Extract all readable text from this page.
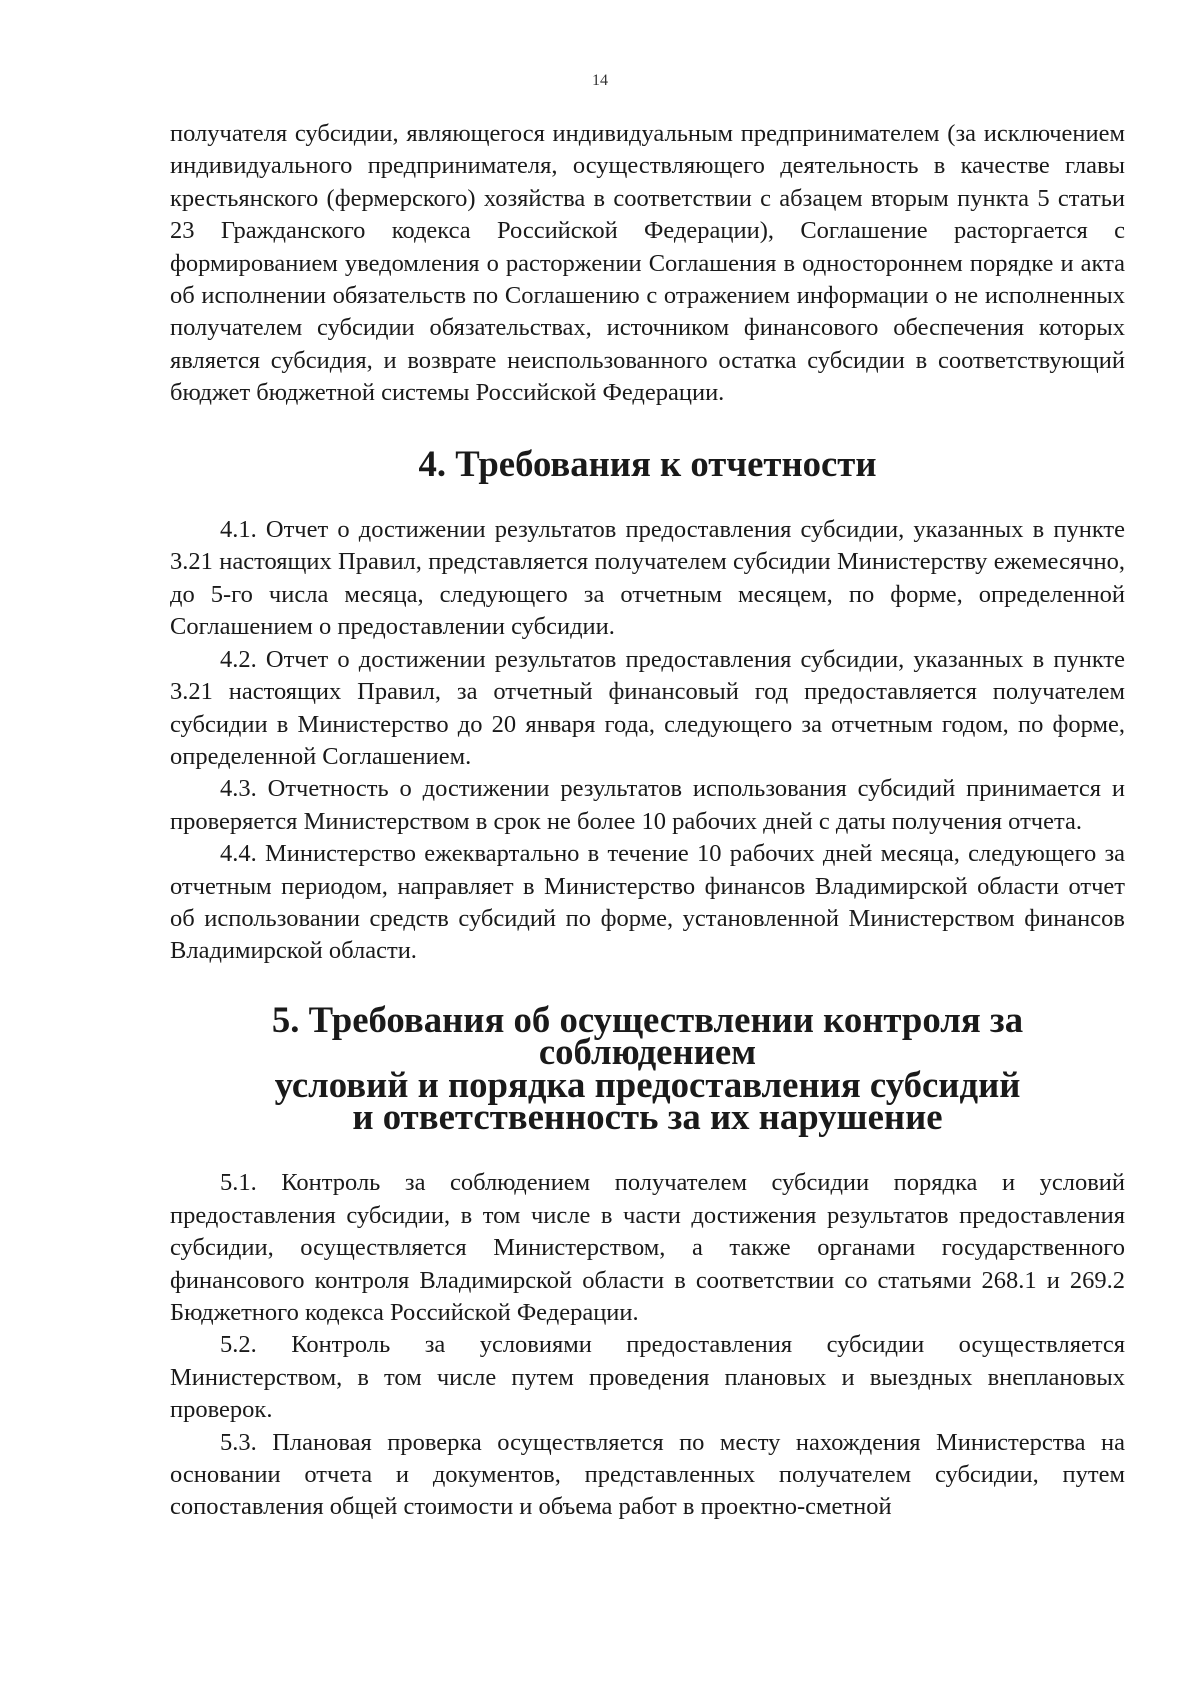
14

получателя субсидии, являющегося индивидуальным предпринимателем (за исключением индивидуального предпринимателя, осуществляющего деятельность в качестве главы крестьянского (фермерского) хозяйства в соответствии с абзацем вторым пункта 5 статьи 23 Гражданского кодекса Российской Федерации), Соглашение расторгается с формированием уведомления о расторжении Соглашения в одностороннем порядке и акта об исполнении обязательств по Соглашению с отражением информации о не исполненных получателем субсидии обязательствах, источником финансового обеспечения которых является субсидия, и возврате неиспользованного остатка субсидии в соответствующий бюджет бюджетной системы Российской Федерации.

4. Требования к отчетности

4.1. Отчет о достижении результатов предоставления субсидии, указанных в пункте 3.21 настоящих Правил, представляется получателем субсидии Министерству ежемесячно, до 5-го числа месяца, следующего за отчетным месяцем, по форме, определенной Соглашением о предоставлении субсидии.

4.2. Отчет о достижении результатов предоставления субсидии, указанных в пункте 3.21 настоящих Правил, за отчетный финансовый год предоставляется получателем субсидии в Министерство до 20 января года, следующего за отчетным годом, по форме, определенной Соглашением.

4.3. Отчетность о достижении результатов использования субсидий принимается и проверяется Министерством в срок не более 10 рабочих дней с даты получения отчета.

4.4. Министерство ежеквартально в течение 10 рабочих дней месяца, следующего за отчетным периодом, направляет в Министерство финансов Владимирской области отчет об использовании средств субсидий по форме, установленной Министерством финансов Владимирской области.

5. Требования об осуществлении контроля за соблюдением
условий и порядка предоставления субсидий
и ответственность за их нарушение

5.1. Контроль за соблюдением получателем субсидии порядка и условий предоставления субсидии, в том числе в части достижения результатов предоставления субсидии, осуществляется Министерством, а также органами государственного финансового контроля Владимирской области в соответствии со статьями 268.1 и 269.2 Бюджетного кодекса Российской Федерации.

5.2. Контроль за условиями предоставления субсидии осуществляется Министерством, в том числе путем проведения плановых и выездных внеплановых проверок.

5.3. Плановая проверка осуществляется по месту нахождения Министерства на основании отчета и документов, представленных получателем субсидии, путем сопоставления общей стоимости и объема работ в проектно-сметной
